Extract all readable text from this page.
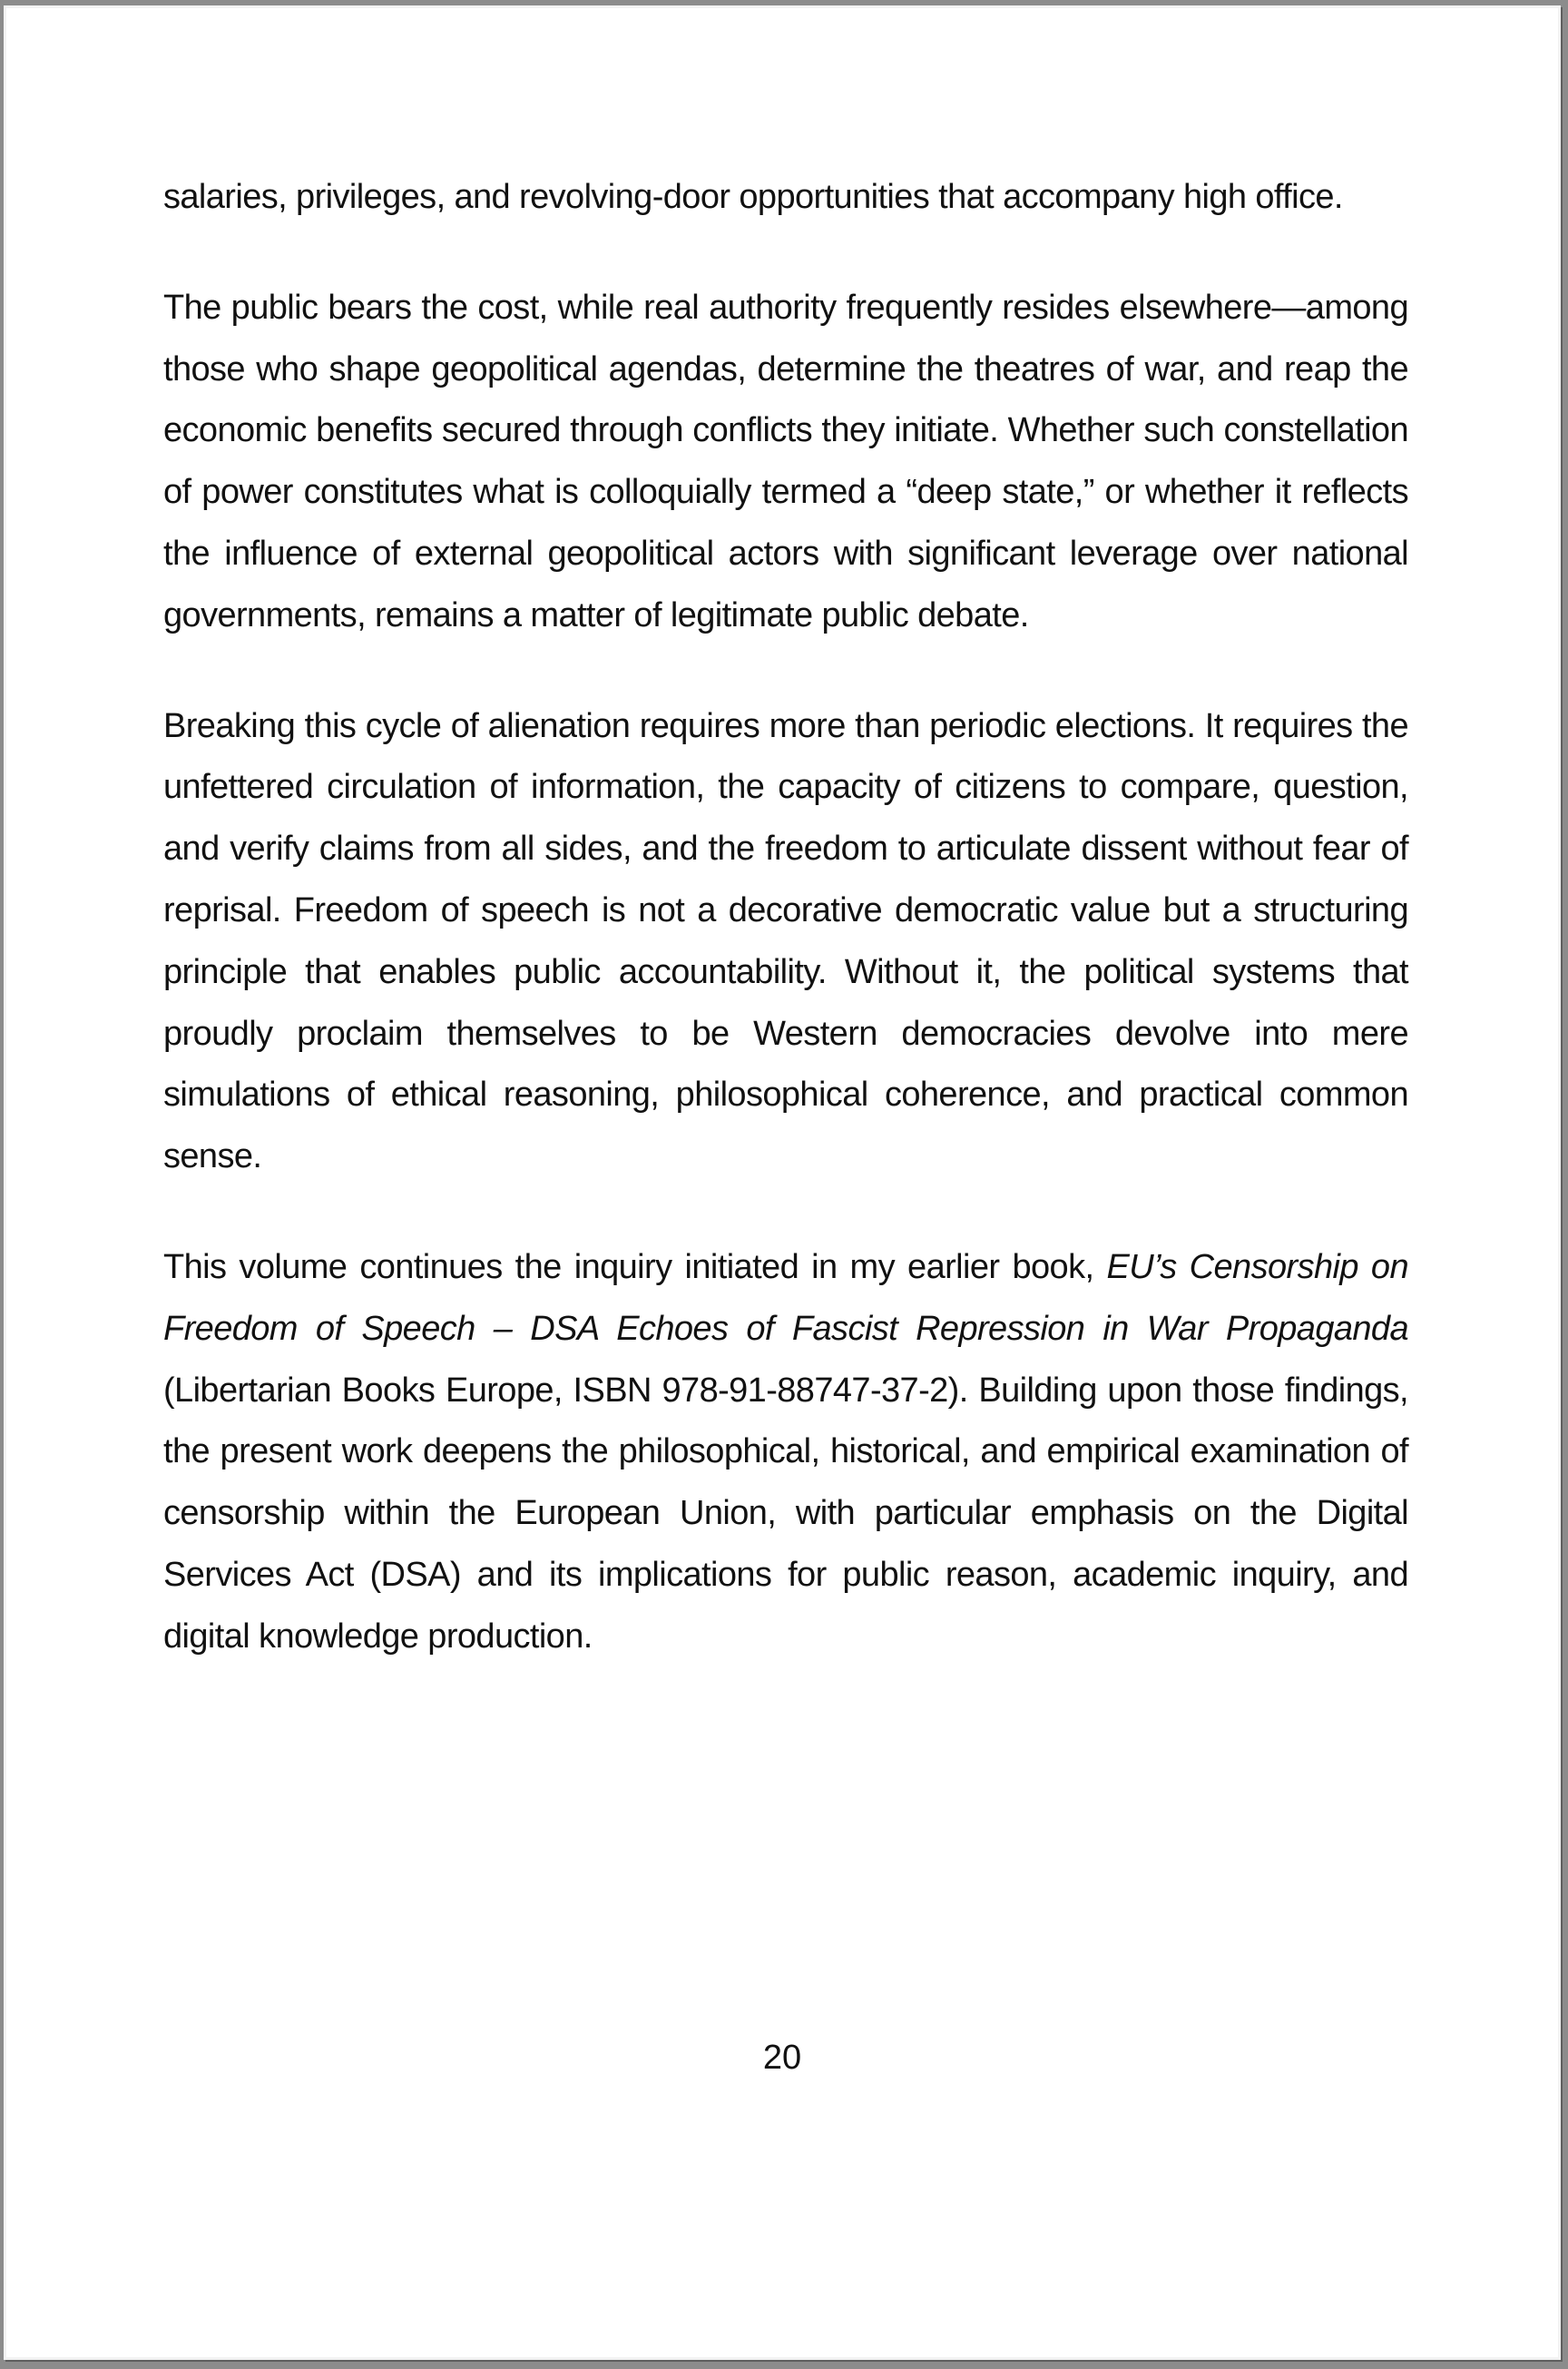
salaries, privileges, and revolving-door opportunities that accompany high office.

The public bears the cost, while real authority frequently resides elsewhere—among those who shape geopolitical agendas, determine the theatres of war, and reap the economic benefits secured through conflicts they initiate. Whether such constellation of power constitutes what is colloquially termed a “deep state,” or whether it reflects the influence of external geopolitical actors with significant leverage over national governments, remains a matter of legitimate public debate.

Breaking this cycle of alienation requires more than periodic elections. It requires the unfettered circulation of information, the capacity of citizens to compare, question, and verify claims from all sides, and the freedom to articulate dissent without fear of reprisal. Freedom of speech is not a decorative democratic value but a structuring principle that enables public accountability. Without it, the political systems that proudly proclaim themselves to be Western democracies devolve into mere simulations of ethical reasoning, philosophical coherence, and practical common sense.

This volume continues the inquiry initiated in my earlier book, EU’s Censorship on Freedom of Speech – DSA Echoes of Fascist Repression in War Propaganda (Libertarian Books Europe, ISBN 978-91-88747-37-2). Building upon those findings, the present work deepens the philosophical, historical, and empirical examination of censorship within the European Union, with particular emphasis on the Digital Services Act (DSA) and its implications for public reason, academic inquiry, and digital knowledge production.

20
